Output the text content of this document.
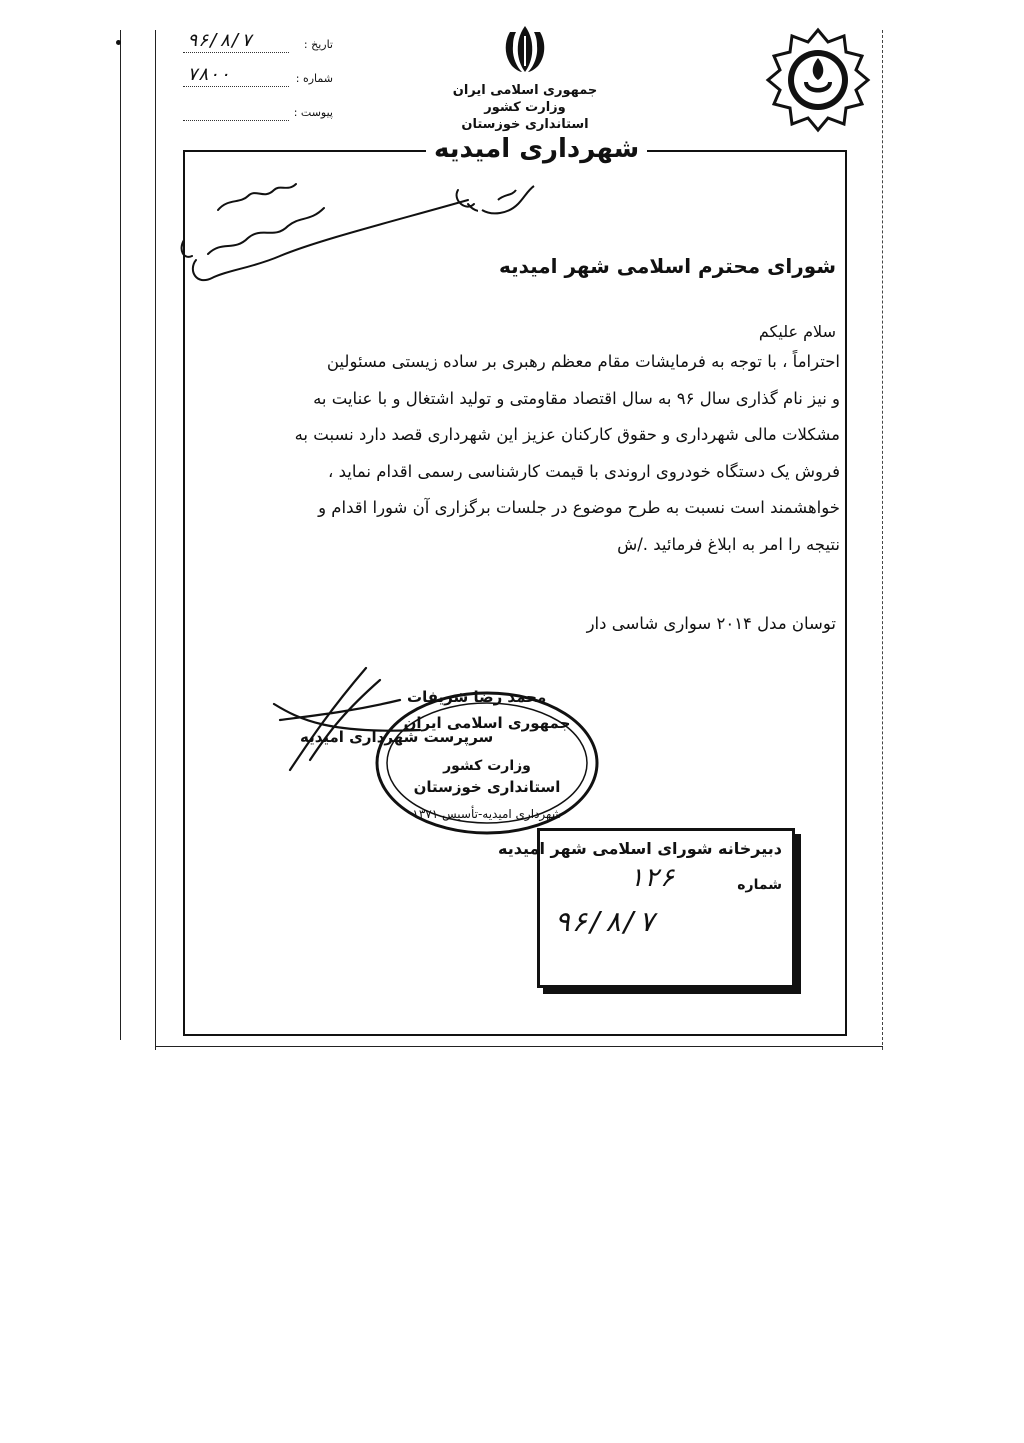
۹۶/۸/۷	تاریخ :
۷۸۰۰	شماره :
پیوست :
جمهوری اسلامی ایران
وزارت کشور
استانداری خوزستان
شهرداری امیدیه
شورای محترم اسلامی شهر امیدیه
سلام علیکم

احتراماً ، با توجه به فرمایشات مقام معظم رهبری بر ساده زیستی مسئولین

و نیز نام گذاری سال ۹۶ به سال اقتصاد مقاومتی و تولید اشتغال و با عنایت به

مشکلات مالی شهرداری و حقوق کارکنان عزیز این شهرداری قصد دارد نسبت به

فروش یک دستگاه خودروی اروندی با قیمت کارشناسی رسمی اقدام نماید ،

خواهشمند است نسبت به طرح موضوع در جلسات برگزاری آن شورا اقدام و

نتیجه را امر به ابلاغ فرمائید ./ش

توسان مدل ۲۰۱۴ سواری شاسی دار
محمد رضا شریفات
سرپرست شهرداری امیدیه
جمهوری اسلامی ایران
وزارت کشور
استانداری خوزستان
شهرداری امیدیه-تأسیس ۱۳۷۱
دبیرخانه شورای اسلامی شهر امیدیه
شماره
۱۲۶
۹۶/۸/۷
